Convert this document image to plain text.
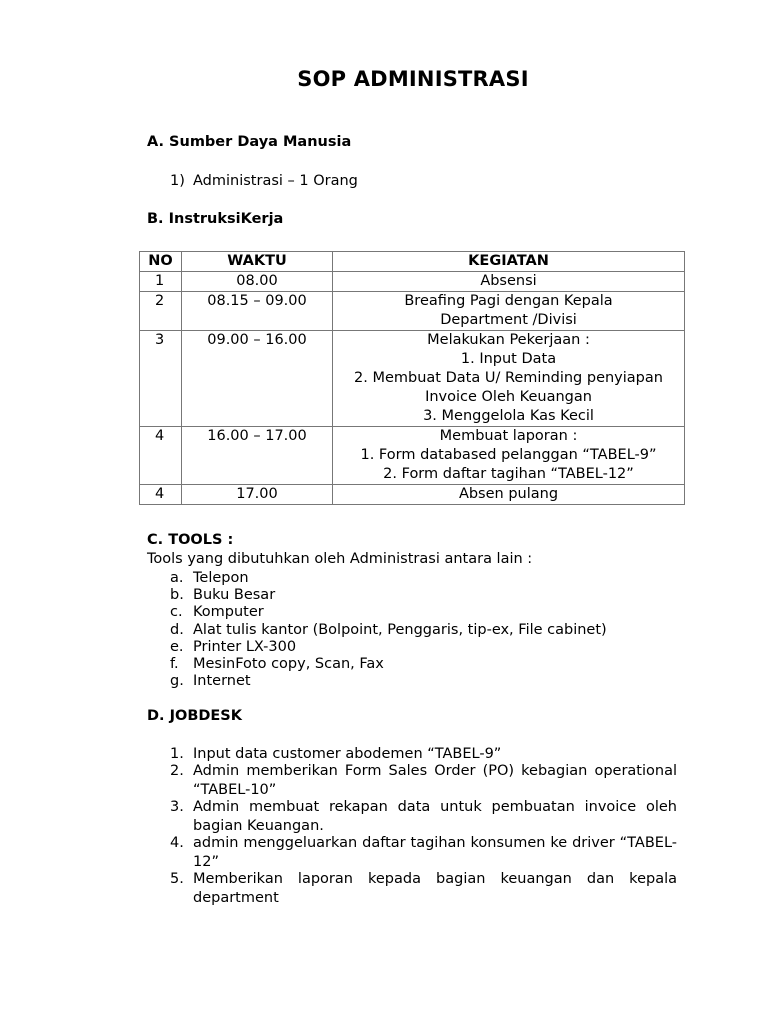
SOP ADMINISTRASI
A. Sumber Daya Manusia
1) Administrasi – 1 Orang
B. InstruksiKerja
NO	WAKTU	KEGIATAN
1	08.00	Absensi

2	08.15 – 09.00	Breafing Pagi dengan Kepala
Department /Divisi

3	09.00 – 16.00	Melakukan Pekerjaan :
1. Input Data
2. Membuat Data U/ Reminding penyiapan
Invoice Oleh Keuangan
3. Menggelola Kas Kecil

4	16.00 – 17.00	Membuat laporan :
1. Form databased pelanggan “TABEL-9”
2. Form daftar tagihan “TABEL-12”

4	17.00	Absen pulang
C. TOOLS :
Tools yang dibutuhkan oleh Administrasi antara lain :
a. Telepon
b. Buku Besar
c. Komputer
d. Alat tulis kantor (Bolpoint, Penggaris, tip-ex, File cabinet)
e. Printer LX-300
f. MesinFoto copy, Scan, Fax
g. Internet
D. JOBDESK
1. Input data customer abodemen “TABEL-9”
2. Admin memberikan Form Sales Order (PO) kebagian operational “TABEL-10”
3. Admin membuat rekapan data untuk pembuatan invoice oleh bagian Keuangan.
4. admin menggeluarkan daftar tagihan konsumen ke driver “TABEL-12”
5. Memberikan laporan kepada bagian keuangan dan kepala department
